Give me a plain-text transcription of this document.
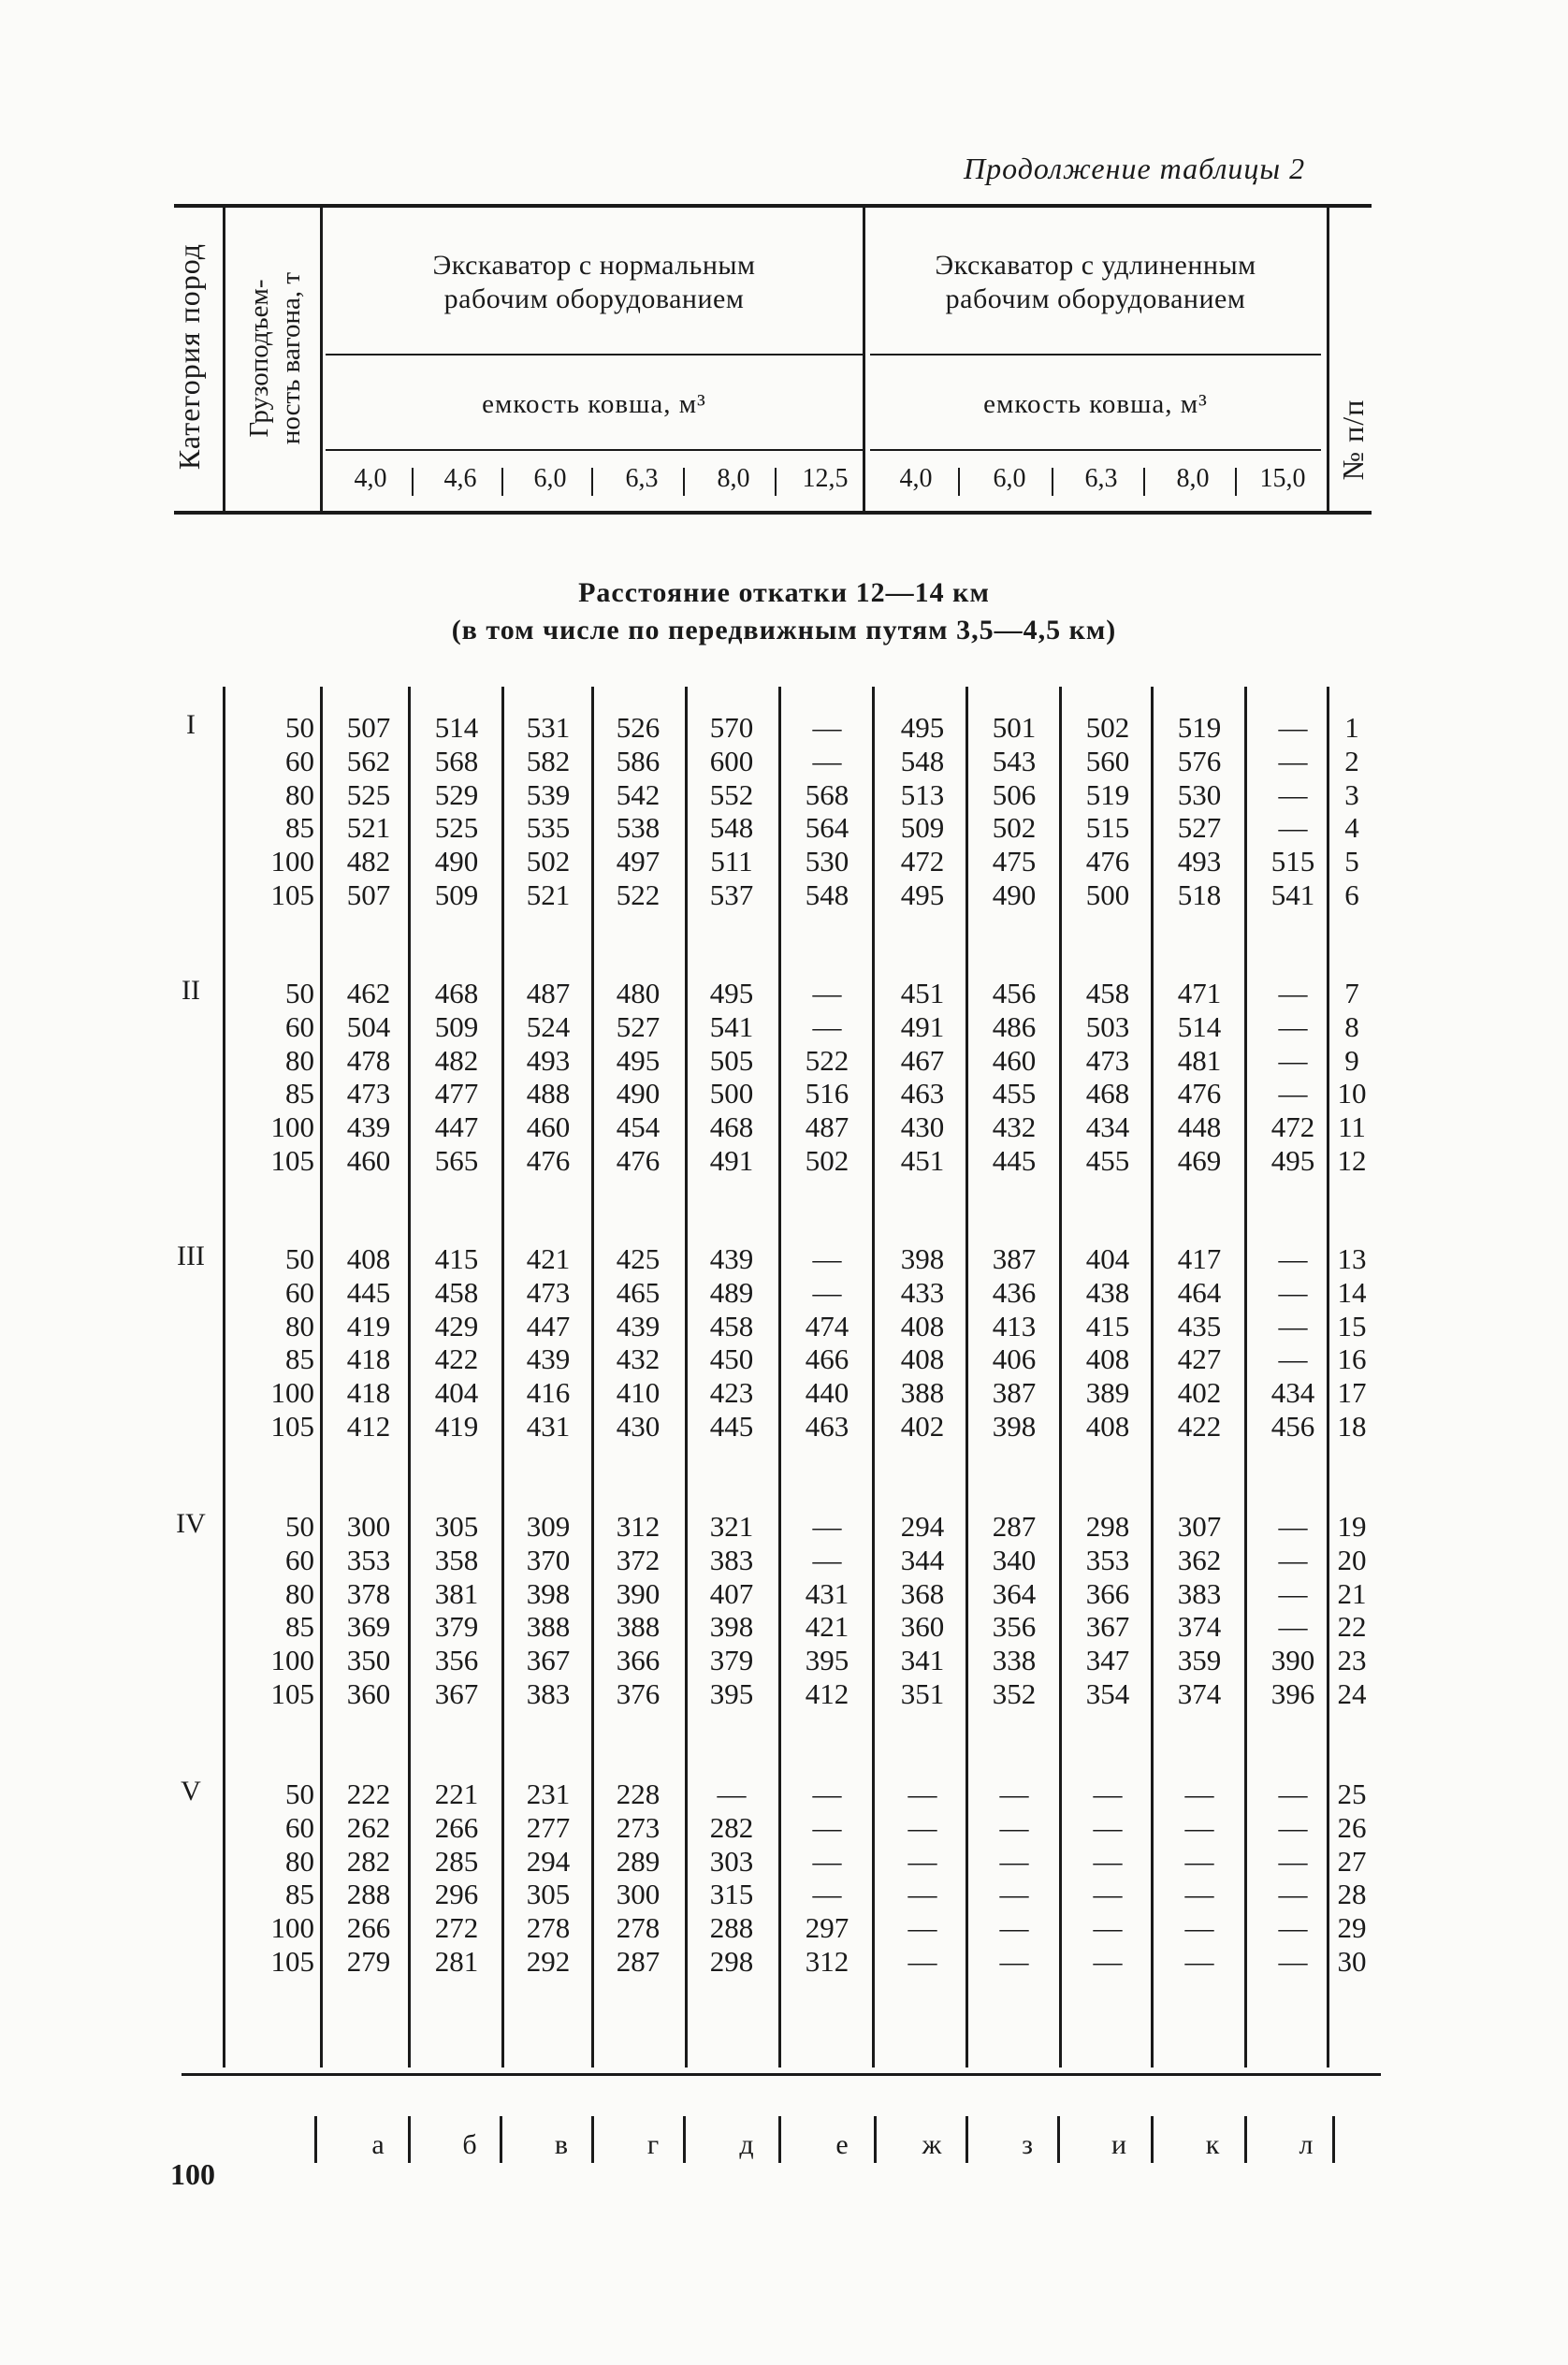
Продолжение таблицы 2
Категория пород Грузоподъем- ность вагона, т	№ п/п
Экскаватор с нормальным
рабочим оборудованием
Экскаватор с удлиненным
рабочим оборудованием
емкость ковша, м³	емкость ковша, м³
4,0	4,6	6,0	6,3	8,0	12,5	4,0	6,0	6,3	8,0	15,0
Расстояние откатки 12—14 км
(в том числе по передвижным путям 3,5—4,5 км)
I	50	507	514	531	526	570	—	495	501	502	519	—	1
60	562	568	582	586	600	—	548	543	560	576	—	2
80	525	529	539	542	552	568	513	506	519	530	—	3
85	521	525	535	538	548	564	509	502	515	527	—	4
100	482	490	502	497	511	530	472	475	476	493	515	5
105	507	509	521	522	537	548	495	490	500	518	541	6
II	50	462	468	487	480	495	—	451	456	458	471	—	7
60	504	509	524	527	541	—	491	486	503	514	—	8
80	478	482	493	495	505	522	467	460	473	481	—	9
85	473	477	488	490	500	516	463	455	468	476	—	10
100	439	447	460	454	468	487	430	432	434	448	472 11
105	460	565	476	476	491	502	451	445	455	469	495 12
III	50	408	415	421	425	439	—	398	387	404	417	—	13
60	445	458	473	465	489	—	433	436	438	464	—	14
80	419	429	447	439	458	474	408	413	415	435	—	15
85	418	422	439	432	450	466	408	406	408	427	—	16
100	418	404	416	410	423	440	388	387	389	402	434 17
105	412	419	431	430	445	463	402	398	408	422	456 18
IV	50	300	305	309	312	321	—	294	287	298	307	—	19
60	353	358	370	372	383	—	344	340	353	362	—	20
80	378	381	398	390	407	431	368	364	366	383	—	21
85	369	379	388	388	398	421	360	356	367	374	—	22
100	350	356	367	366	379	395	341	338	347	359	390 23
105	360	367	383	376	395	412	351	352	354	374	396 24
V	50	222	221	231	228	—	—	—	—	—	—	—	25
60	262	266	277	273	282	—	—	—	—	—	—	26
80	282	285	294	289	303	—	—	—	—	—	—	27
85	288	296	305	300	315	—	—	—	—	—	—	28
100	266	272	278	278	288	297	—	—	—	—	—	29
105	279	281	292	287	298	312	—	—	—	—	—	30
а	б	в	г	д	е	ж	з	и	к	л
100
